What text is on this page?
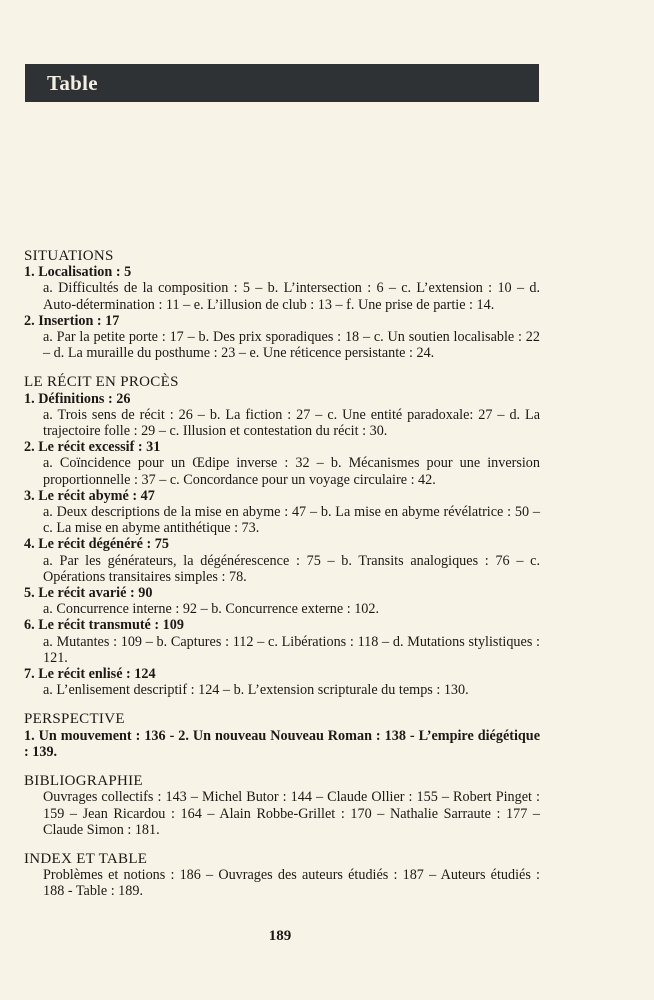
Table

SITUATIONS

1. Localisation : 5

a. Difficultés de la composition : 5 – b. L’intersection : 6 – c. L’extension : 10 – d. Auto-détermination : 11 – e. L’illusion de club : 13 – f. Une prise de partie : 14.

2. Insertion : 17

a. Par la petite porte : 17 – b. Des prix sporadiques : 18 – c. Un soutien localisable : 22 – d. La muraille du posthume : 23 – e. Une réticence persistante : 24.

LE RÉCIT EN PROCÈS

1. Définitions : 26

a. Trois sens de récit : 26 – b. La fiction : 27 – c. Une entité paradoxale: 27 – d. La trajectoire folle : 29 – c. Illusion et contestation du récit : 30.

2. Le récit excessif : 31

a. Coïncidence pour un Œdipe inverse : 32 – b. Mécanismes pour une inversion proportionnelle : 37 – c. Concordance pour un voyage circulaire : 42.

3. Le récit abymé : 47

a. Deux descriptions de la mise en abyme : 47 – b. La mise en abyme révélatrice : 50 – c. La mise en abyme antithétique : 73.

4. Le récit dégénéré : 75

a. Par les générateurs, la dégénérescence : 75 – b. Transits analogiques : 76 – c. Opérations transitaires simples : 78.

5. Le récit avarié : 90

a. Concurrence interne : 92 – b. Concurrence externe : 102.

6. Le récit transmuté : 109

a. Mutantes : 109 – b. Captures : 112 – c. Libérations : 118 – d. Mutations stylistiques : 121.

7. Le récit enlisé : 124

a. L’enlisement descriptif : 124 – b. L’extension scripturale du temps : 130.

PERSPECTIVE

1. Un mouvement : 136 - 2. Un nouveau Nouveau Roman : 138 - L’empire diégétique : 139.

BIBLIOGRAPHIE

Ouvrages collectifs : 143 – Michel Butor : 144 – Claude Ollier : 155 – Robert Pinget : 159 – Jean Ricardou : 164 – Alain Robbe-Grillet : 170 – Nathalie Sarraute : 177 – Claude Simon : 181.

INDEX ET TABLE

Problèmes et notions : 186 – Ouvrages des auteurs étudiés : 187 – Auteurs étudiés : 188 - Table : 189.

189
